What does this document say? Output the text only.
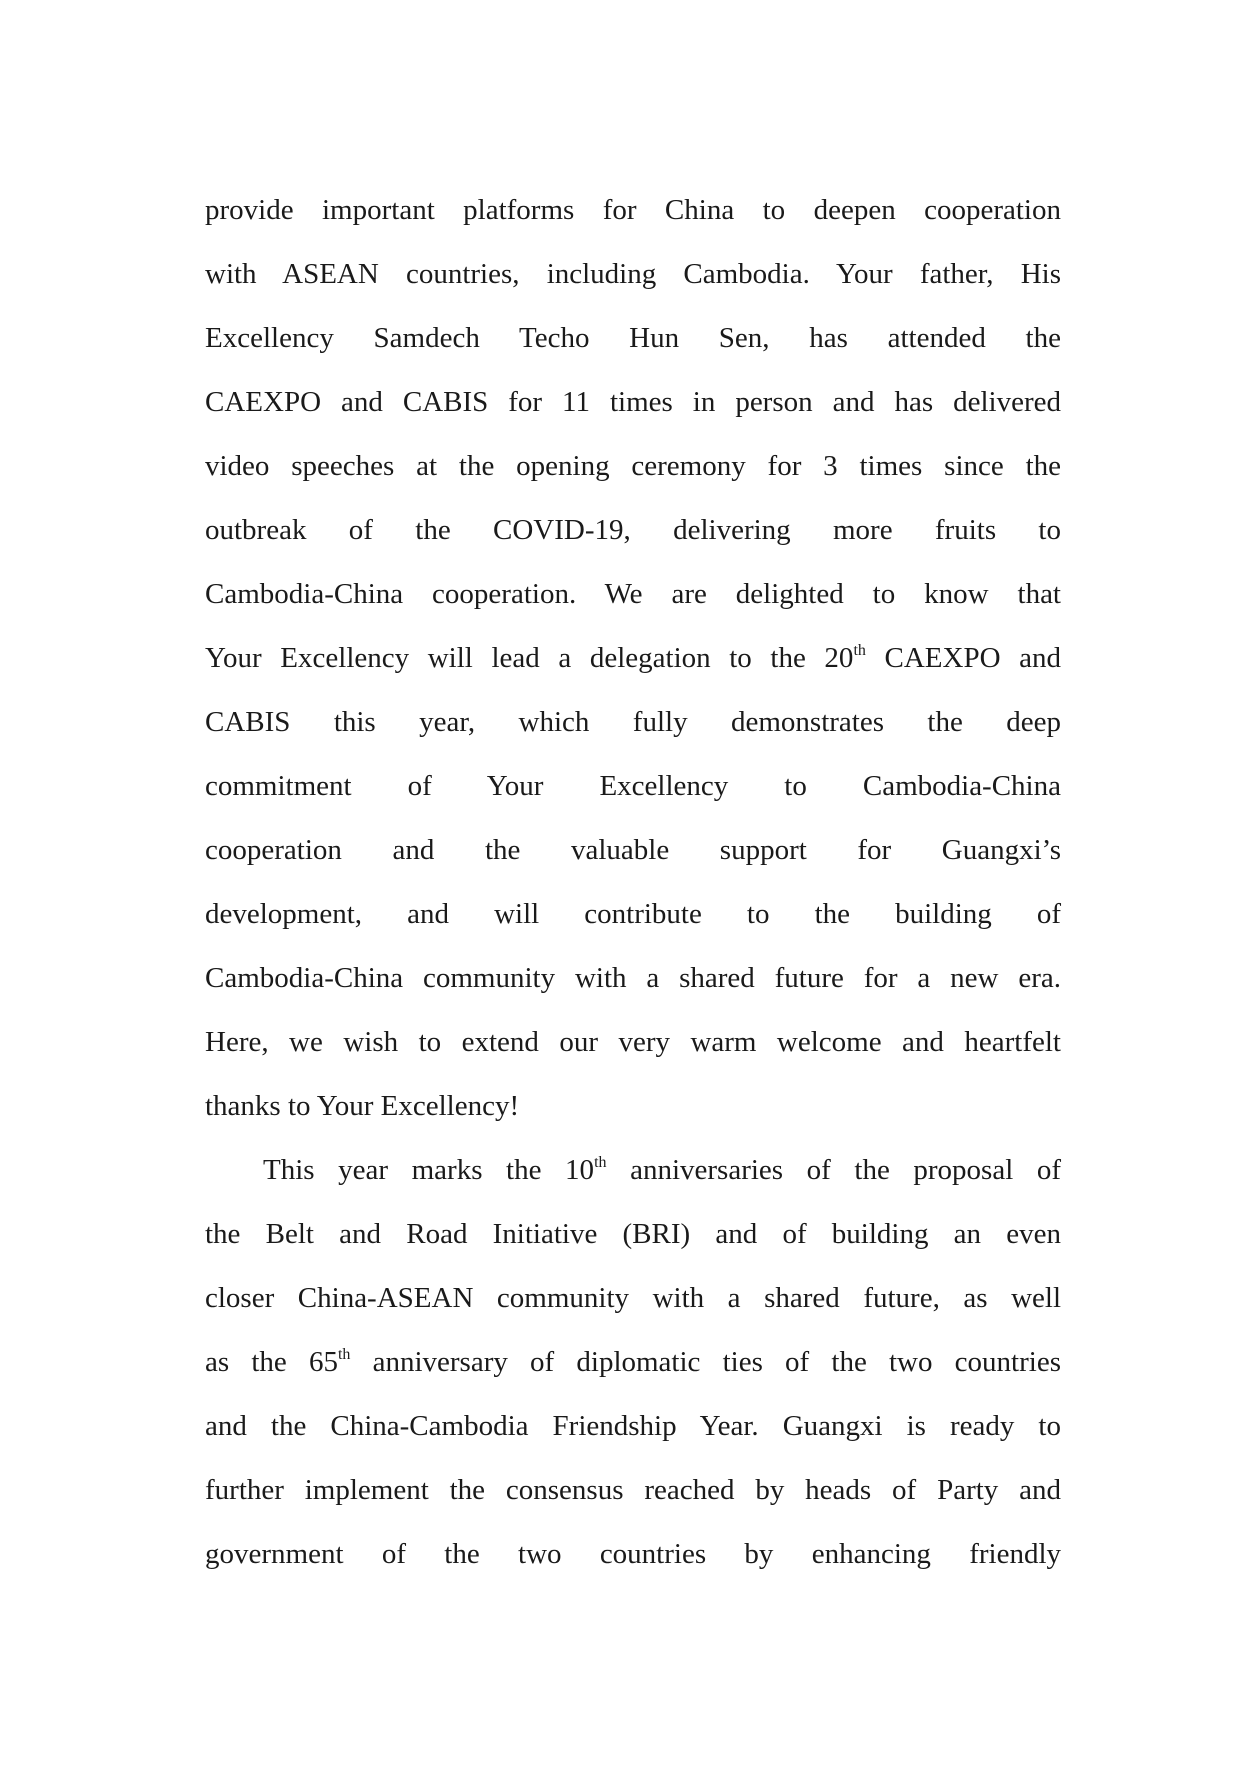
provide important platforms for China to deepen cooperation
with ASEAN countries, including Cambodia. Your father, His
Excellency Samdech Techo Hun Sen, has attended the
CAEXPO and CABIS for 11 times in person and has delivered
video speeches at the opening ceremony for 3 times since the
outbreak of the COVID-19, delivering more fruits to
Cambodia-China cooperation. We are delighted to know that
Your Excellency will lead a delegation to the 20th CAEXPO and
CABIS this year, which fully demonstrates the deep
commitment of Your Excellency to Cambodia-China
cooperation and the valuable support for Guangxi’s
development, and will contribute to the building of
Cambodia-China community with a shared future for a new era.
Here, we wish to extend our very warm welcome and heartfelt
thanks to Your Excellency!
This year marks the 10th anniversaries of the proposal of
the Belt and Road Initiative (BRI) and of building an even
closer China-ASEAN community with a shared future, as well
as the 65th anniversary of diplomatic ties of the two countries
and the China-Cambodia Friendship Year. Guangxi is ready to
further implement the consensus reached by heads of Party and
government of the two countries by enhancing friendly
